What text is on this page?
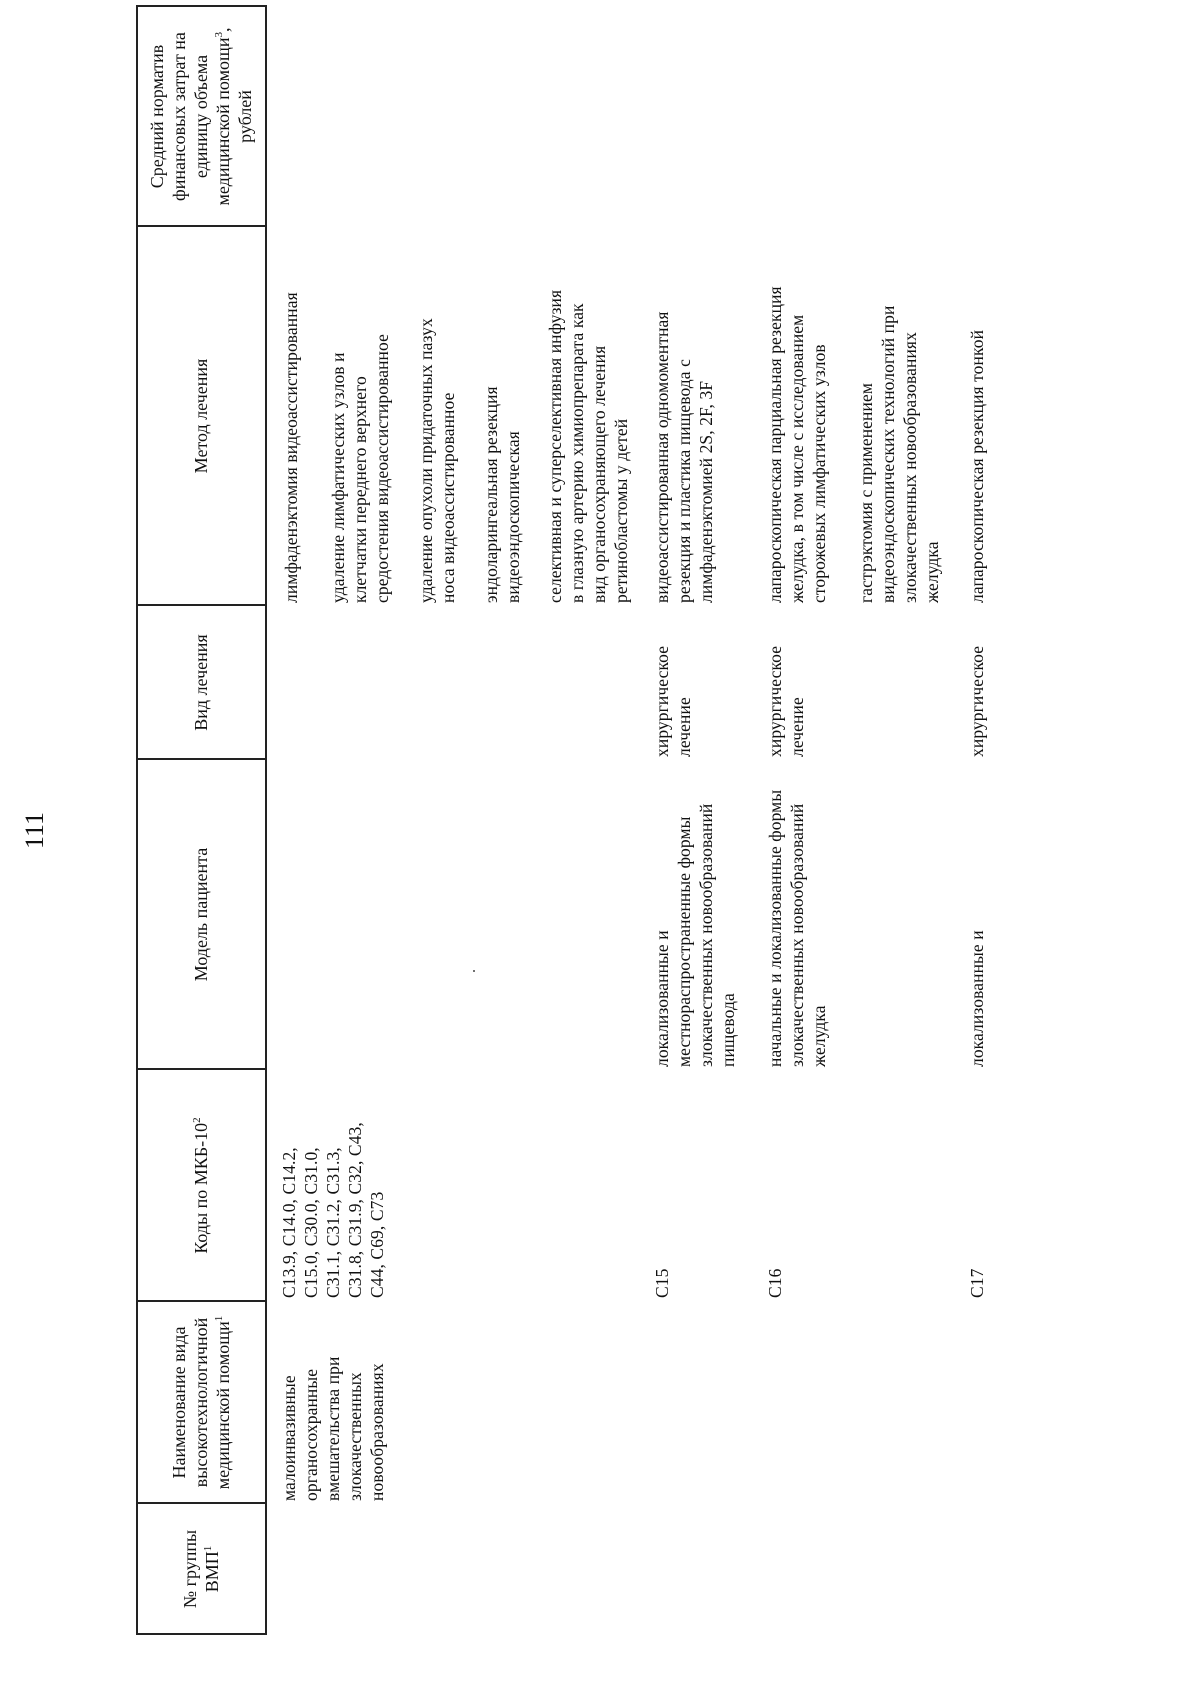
111
№ группы ВМП$^1$
Наименование вида высокотехнологичной медицинской помощи$^1$
Коды по МКБ-$10^2$
Модель пациента
Вид лечения
Метод лечения
Средний норматив финансовых затрат на единицу объема медицинской помощи$^3$, рублей
малоинвазивные
органосохранные
вмешательства при
злокачественных
новообразованиях
C13.9, C14.0, C14.2,
C15.0, C30.0, C31.0,
C31.1, C31.2, C31.3,
C31.8, C31.9, C32, C43,
C44, C69, C73
лимфаденэктомия видеоассистированная удаление лимфатических узлов и
клетчатки переднего верхнего
средостения видеоассистированное
удаление опухоли придаточных пазух
носа видеоассистированное эндоларингеальная резекция
видеоэндоскопическая селективная и суперселективная инфузия
в глазную артерию химиопрепарата как
вид органосохраняющего лечения
ретинобластомы у детей
C15
локализованные и
местнораспространенные формы
злокачественных новообразований
пищевода
хирургическое
лечение
видеоассистированная одномоментная
резекция и пластика пищевода с
лимфаденэктомией 2S, 2F, 3F
C16
начальные и локализованные формы
злокачественных новообразований
желудка
хирургическое
лечение
лапароскопическая парциальная резекция
желудка, в том числе с исследованием
сторожевых лимфатических узлов
гастрэктомия с применением
видеоэндоскопических технологий при
злокачественных новообразованиях
желудка
C17
локализованные и
хирургическое
лапароскопическая резекция тонкой
